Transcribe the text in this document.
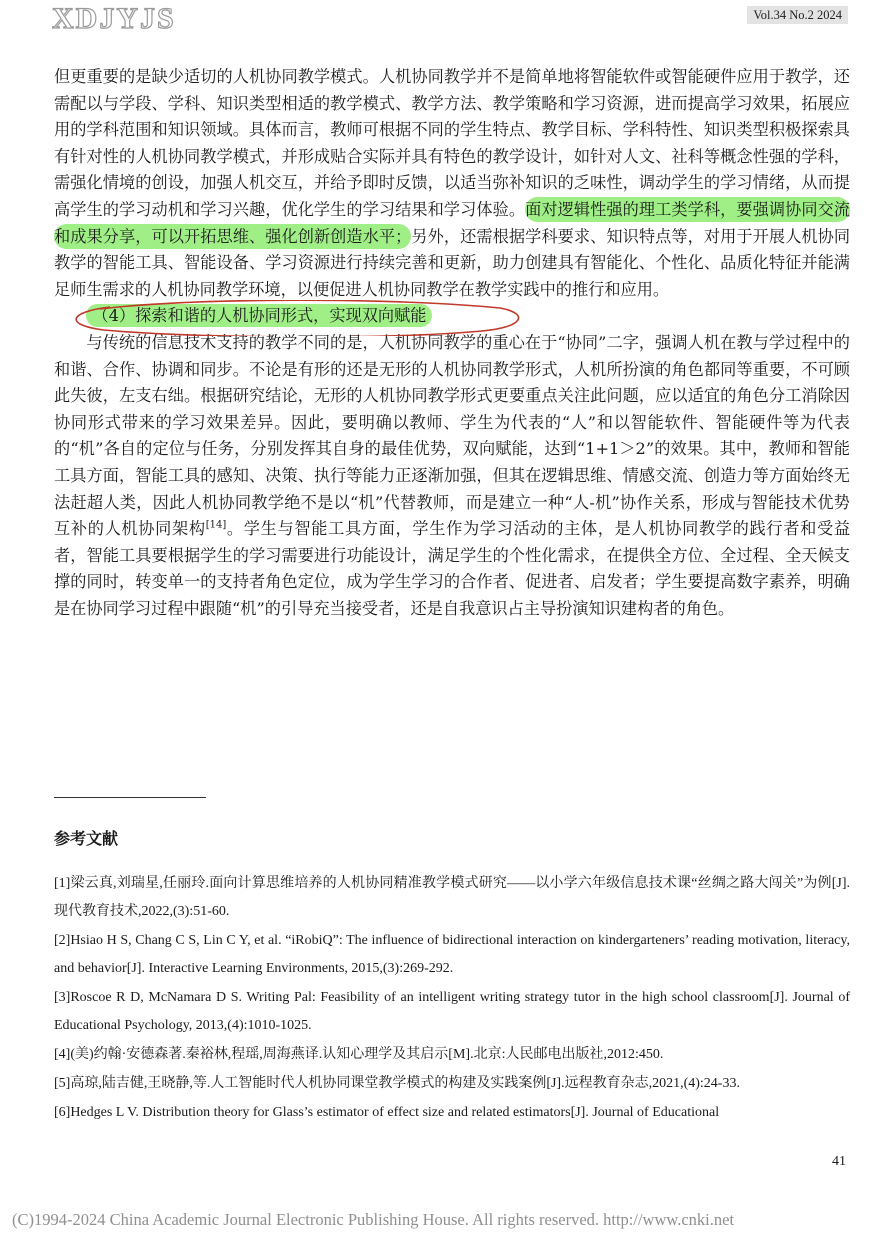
XDJYJS	Vol.34 No.2 2024

但更重要的是缺少适切的人机协同教学模式。人机协同教学并不是简单地将智能软件或智能硬件应用于教学，还需配以与学段、学科、知识类型相适的教学模式、教学方法、教学策略和学习资源，进而提高学习效果，拓展应用的学科范围和知识领域。具体而言，教师可根据不同的学生特点、教学目标、学科特性、知识类型积极探索具有针对性的人机协同教学模式，并形成贴合实际并具有特色的教学设计，如针对人文、社科等概念性强的学科，需强化情境的创设，加强人机交互，并给予即时反馈，以适当弥补知识的乏味性，调动学生的学习情绪，从而提高学生的学习动机和学习兴趣，优化学生的学习结果和学习体验。面对逻辑性强的理工类学科，要强调协同交流和成果分享，可以开拓思维、强化创新创造水平；另外，还需根据学科要求、知识特点等，对用于开展人机协同教学的智能工具、智能设备、学习资源进行持续完善和更新，助力创建具有智能化、个性化、品质化特征并能满足师生需求的人机协同教学环境，以便促进人机协同教学在教学实践中的推行和应用。

（4）探索和谐的人机协同形式，实现双向赋能

与传统的信息技术支持的教学不同的是，人机协同教学的重心在于“协同”二字，强调人机在教与学过程中的和谐、合作、协调和同步。不论是有形的还是无形的人机协同教学形式，人机所扮演的角色都同等重要，不可顾此失彼，左支右绌。根据研究结论，无形的人机协同教学形式更要重点关注此问题，应以适宜的角色分工消除因协同形式带来的学习效果差异。因此，要明确以教师、学生为代表的“人”和以智能软件、智能硬件等为代表的“机”各自的定位与任务，分别发挥其自身的最佳优势，双向赋能，达到“1+1＞2”的效果。其中，教师和智能工具方面，智能工具的感知、决策、执行等能力正逐渐加强，但其在逻辑思维、情感交流、创造力等方面始终无法赶超人类，因此人机协同教学绝不是以“机”代替教师，而是建立一种“人-机”协作关系，形成与智能技术优势互补的人机协同架构[14]。学生与智能工具方面，学生作为学习活动的主体，是人机协同教学的践行者和受益者，智能工具要根据学生的学习需要进行功能设计，满足学生的个性化需求，在提供全方位、全过程、全天候支撑的同时，转变单一的支持者角色定位，成为学生学习的合作者、促进者、启发者；学生要提高数字素养，明确是在协同学习过程中跟随“机”的引导充当接受者，还是自我意识占主导扮演知识建构者的角色。

参考文献

[1]梁云真,刘瑞星,任丽玲.面向计算思维培养的人机协同精准教学模式研究——以小学六年级信息技术课“丝绸之路大闯关”为例[J].现代教育技术,2022,(3):51-60.

[2]Hsiao H S, Chang C S, Lin C Y, et al. “iRobiQ”: The influence of bidirectional interaction on kindergarteners’ reading motivation, literacy, and behavior[J]. Interactive Learning Environments, 2015,(3):269-292.

[3]Roscoe R D, McNamara D S. Writing Pal: Feasibility of an intelligent writing strategy tutor in the high school classroom[J]. Journal of Educational Psychology, 2013,(4):1010-1025.

[4](美)约翰·安德森著.秦裕林,程瑶,周海燕译.认知心理学及其启示[M].北京:人民邮电出版社,2012:450.

[5]高琼,陆吉健,王晓静,等.人工智能时代人机协同课堂教学模式的构建及实践案例[J].远程教育杂志,2021,(4):24-33.

[6]Hedges L V. Distribution theory for Glass’s estimator of effect size and related estimators[J]. Journal of Educational

41
(C)1994-2024 China Academic Journal Electronic Publishing House. All rights reserved. http://www.cnki.net
